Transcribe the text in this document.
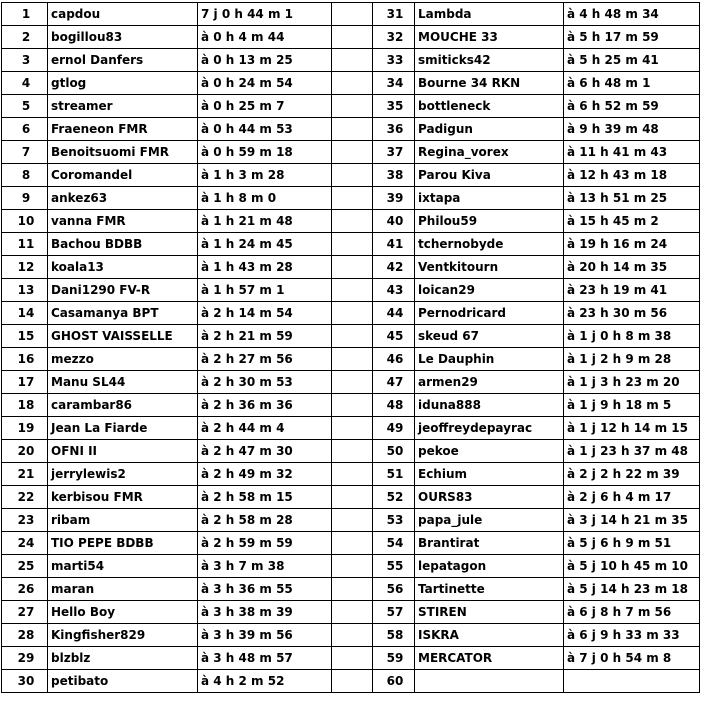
1	capdou	7 j 0 h 44 m 1		31	Lambda	à 4 h 48 m 34
2	bogillou83	à 0 h 4 m 44		32	MOUCHE 33	à 5 h 17 m 59
3	ernol Danfers	à 0 h 13 m 25		33	smiticks42	à 5 h 25 m 41
4	gtlog	à 0 h 24 m 54		34	Bourne 34 RKN	à 6 h 48 m 1
5	streamer	à 0 h 25 m 7		35	bottleneck	à 6 h 52 m 59
6	Fraeneon FMR	à 0 h 44 m 53		36	Padigun	à 9 h 39 m 48
7	Benoitsuomi FMR	à 0 h 59 m 18		37	Regina_vorex	à 11 h 41 m 43
8	Coromandel	à 1 h 3 m 28		38	Parou Kiva	à 12 h 43 m 18
9	ankez63	à 1 h 8 m 0		39	ixtapa	à 13 h 51 m 25
10	vanna FMR	à 1 h 21 m 48		40	Philou59	à 15 h 45 m 2
11	Bachou BDBB	à 1 h 24 m 45		41	tchernobyde	à 19 h 16 m 24
12	koala13	à 1 h 43 m 28		42	Ventkitourn	à 20 h 14 m 35
13	Dani1290 FV-R	à 1 h 57 m 1		43	loican29	à 23 h 19 m 41
14	Casamanya BPT	à 2 h 14 m 54		44	Pernodricard	à 23 h 30 m 56
15	GHOST VAISSELLE	à 2 h 21 m 59		45	skeud 67	à 1 j 0 h 8 m 38
16	mezzo	à 2 h 27 m 56		46	Le Dauphin	à 1 j 2 h 9 m 28
17	Manu SL44	à 2 h 30 m 53		47	armen29	à 1 j 3 h 23 m 20
18	carambar86	à 2 h 36 m 36		48	iduna888	à 1 j 9 h 18 m 5
19	Jean La Fiarde	à 2 h 44 m 4		49	jeoffreydepayrac	à 1 j 12 h 14 m 15
20	OFNI II	à 2 h 47 m 30		50	pekoe	à 1 j 23 h 37 m 48
21	jerrylewis2	à 2 h 49 m 32		51	Echium	à 2 j 2 h 22 m 39
22	kerbisou FMR	à 2 h 58 m 15		52	OURS83	à 2 j 6 h 4 m 17
23	ribam	à 2 h 58 m 28		53	papa_jule	à 3 j 14 h 21 m 35
24	TIO PEPE BDBB	à 2 h 59 m 59		54	Brantirat	à 5 j 6 h 9 m 51
25	marti54	à 3 h 7 m 38		55	lepatagon	à 5 j 10 h 45 m 10
26	maran	à 3 h 36 m 55		56	Tartinette	à 5 j 14 h 23 m 18
27	Hello Boy	à 3 h 38 m 39		57	STIREN	à 6 j 8 h 7 m 56
28	Kingfisher829	à 3 h 39 m 56		58	ISKRA	à 6 j 9 h 33 m 33
29	blzblz	à 3 h 48 m 57		59	MERCATOR	à 7 j 0 h 54 m 8
30	petibato	à 4 h 2 m 52		60		
